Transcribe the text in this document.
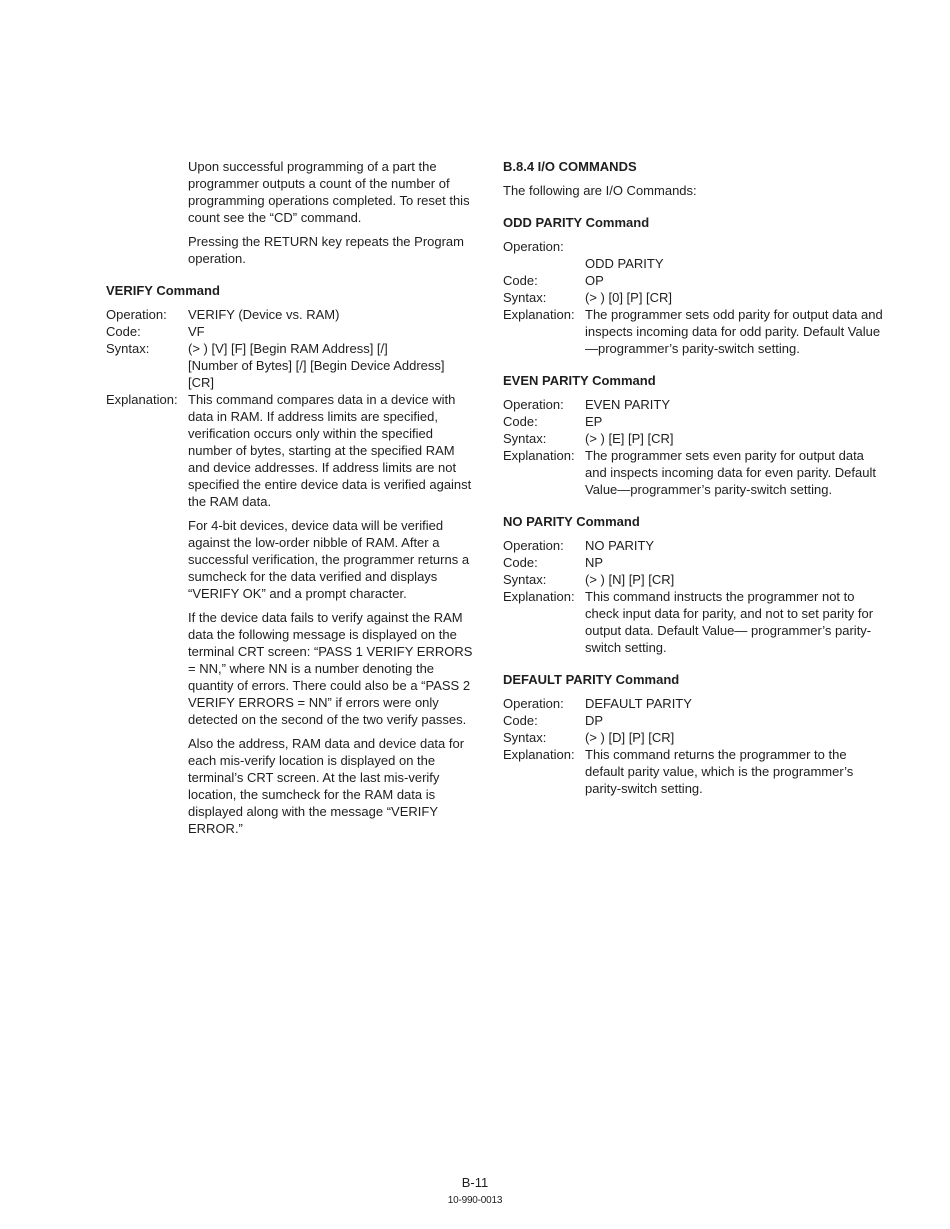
Upon successful programming of a part the programmer outputs a count of the number of programming operations completed. To reset this count see the “CD” command.

Pressing the RETURN key repeats the Program operation.

VERIFY Command
Operation:	VERIFY (Device vs. RAM)
Code:	VF
Syntax:	(> ) [V] [F] [Begin RAM Address] [/]
[Number of Bytes] [/] [Begin Device Address]
[CR]
Explanation: This command compares data in a device with data in RAM. If address limits are specified, verification occurs only within the specified number of bytes, starting at the specified RAM and device addresses. If address limits are not specified the entire device data is verified against the RAM data.

For 4-bit devices, device data will be verified against the low-order nibble of RAM. After a successful verification, the programmer returns a sumcheck for the data verified and displays “VERIFY OK” and a prompt character.

If the device data fails to verify against the RAM data the following message is displayed on the terminal CRT screen: “PASS 1 VERIFY ERRORS = NN,” where NN is a number denoting the quantity of errors. There could also be a “PASS 2 VERIFY ERRORS = NN” if errors were only detected on the second of the two verify passes.

Also the address, RAM data and device data for each mis-verify location is displayed on the terminal’s CRT screen. At the last mis-verify location, the sumcheck for the RAM data is displayed along with the message “VERIFY ERROR.”

B.8.4 I/O COMMANDS

The following are I/O Commands:

ODD PARITY Command
Operation:
ODD PARITY
Code:	OP
Syntax:	(> ) [0] [P] [CR]
Explanation: The programmer sets odd parity for output data and inspects incoming data for odd parity. Default Value—programmer’s parity-switch setting.
EVEN PARITY Command
Operation:	EVEN PARITY
Code:	EP
Syntax:	(> ) [E] [P] [CR]
Explanation: The programmer sets even parity for output data and inspects incoming data for even parity. Default Value—programmer’s parity-switch setting.
NO PARITY Command
Operation:	NO PARITY
Code:	NP
Syntax:	(> ) [N] [P] [CR]
Explanation: This command instructs the programmer not to check input data for parity, and not to set parity for output data. Default Value— programmer’s parity-switch setting.
DEFAULT PARITY Command
Operation:	DEFAULT PARITY
Code:	DP
Syntax:	(> ) [D] [P] [CR]
Explanation: This command returns the programmer to the default parity value, which is the programmer’s parity-switch setting.
B-11
10-990-0013
